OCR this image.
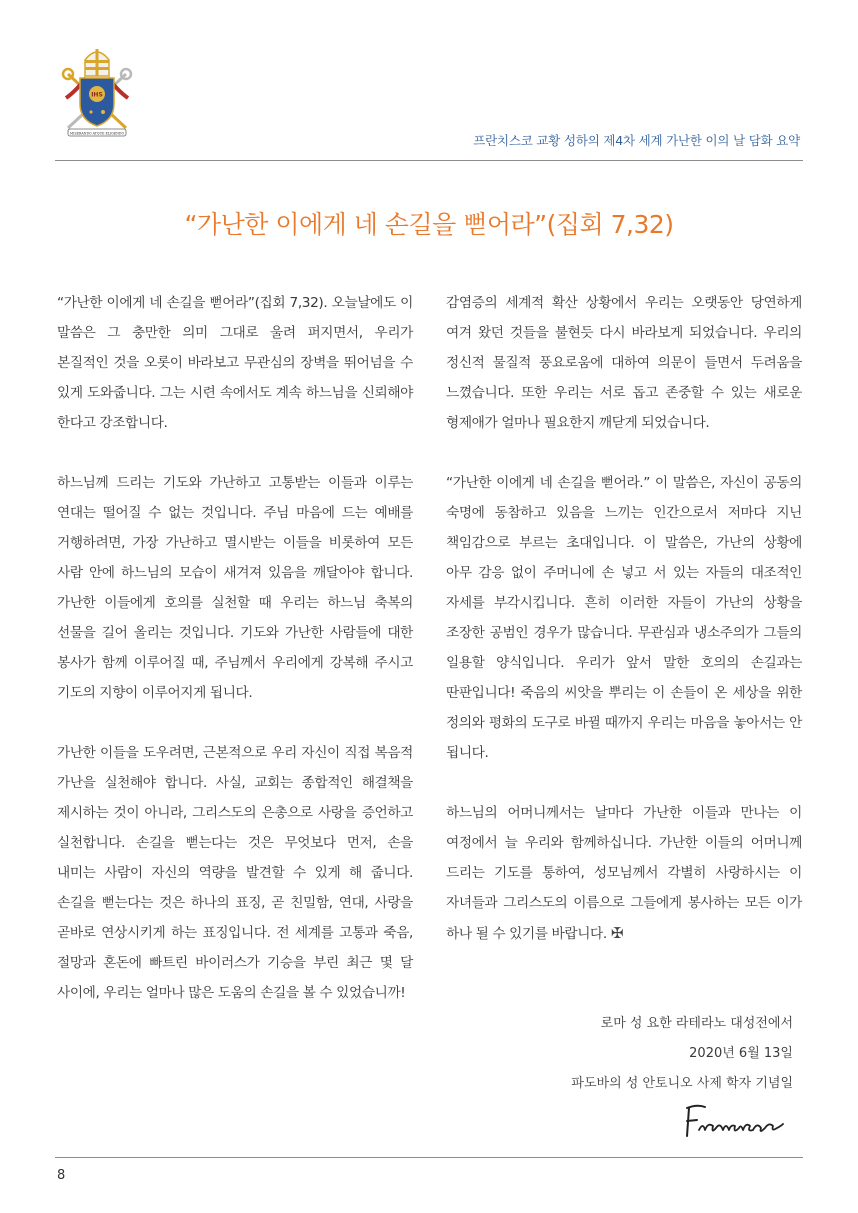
IHS
MISERANDO ATQUE ELIGENDO	프란치스코 교황 성하의 제4차 세계 가난한 이의 날 담화 요약
“가난한 이에게 네 손길을 뻗어라”(집회 7,32)

“가난한 이에게 네 손길을 뻗어라”(집회 7,32). 오늘날에도 이 말씀은 그 충만한 의미 그대로 울려 퍼지면서, 우리가 본질적인 것을 오롯이 바라보고 무관심의 장벽을 뛰어넘을 수 있게 도와줍니다. 그는 시련 속에서도 계속 하느님을 신뢰해야 한다고 강조합니다.

하느님께 드리는 기도와 가난하고 고통받는 이들과 이루는 연대는 떨어질 수 없는 것입니다. 주님 마음에 드는 예배를 거행하려면, 가장 가난하고 멸시받는 이들을 비롯하여 모든 사람 안에 하느님의 모습이 새겨져 있음을 깨달아야 합니다. 가난한 이들에게 호의를 실천할 때 우리는 하느님 축복의 선물을 길어 올리는 것입니다. 기도와 가난한 사람들에 대한 봉사가 함께 이루어질 때, 주님께서 우리에게 강복해 주시고 기도의 지향이 이루어지게 됩니다.

가난한 이들을 도우려면, 근본적으로 우리 자신이 직접 복음적 가난을 실천해야 합니다. 사실, 교회는 종합적인 해결책을 제시하는 것이 아니라, 그리스도의 은총으로 사랑을 증언하고 실천합니다. 손길을 뻗는다는 것은 무엇보다 먼저, 손을 내미는 사람이 자신의 역량을 발견할 수 있게 해 줍니다. 손길을 뻗는다는 것은 하나의 표징, 곧 친밀함, 연대, 사랑을 곧바로 연상시키게 하는 표징입니다. 전 세계를 고통과 죽음, 절망과 혼돈에 빠트린 바이러스가 기승을 부린 최근 몇 달 사이에, 우리는 얼마나 많은 도움의 손길을 볼 수 있었습니까!

감염증의 세계적 확산 상황에서 우리는 오랫동안 당연하게 여겨 왔던 것들을 불현듯 다시 바라보게 되었습니다. 우리의 정신적 물질적 풍요로움에 대하여 의문이 들면서 두려움을 느꼈습니다. 또한 우리는 서로 돕고 존중할 수 있는 새로운 형제애가 얼마나 필요한지 깨닫게 되었습니다.

“가난한 이에게 네 손길을 뻗어라.” 이 말씀은, 자신이 공동의 숙명에 동참하고 있음을 느끼는 인간으로서 저마다 지닌 책임감으로 부르는 초대입니다. 이 말씀은, 가난의 상황에 아무 감응 없이 주머니에 손 넣고 서 있는 자들의 대조적인 자세를 부각시킵니다. 흔히 이러한 자들이 가난의 상황을 조장한 공범인 경우가 많습니다. 무관심과 냉소주의가 그들의 일용할 양식입니다. 우리가 앞서 말한 호의의 손길과는 딴판입니다! 죽음의 씨앗을 뿌리는 이 손들이 온 세상을 위한 정의와 평화의 도구로 바뀔 때까지 우리는 마음을 놓아서는 안 됩니다.

하느님의 어머니께서는 날마다 가난한 이들과 만나는 이 여정에서 늘 우리와 함께하십니다. 가난한 이들의 어머니께 드리는 기도를 통하여, 성모님께서 각별히 사랑하시는 이 자녀들과 그리스도의 이름으로 그들에게 봉사하는 모든 이가 하나 될 수 있기를 바랍니다. ✠

로마 성 요한 라테라노 대성전에서
2020년 6월 13일
파도바의 성 안토니오 사제 학자 기념일
8
